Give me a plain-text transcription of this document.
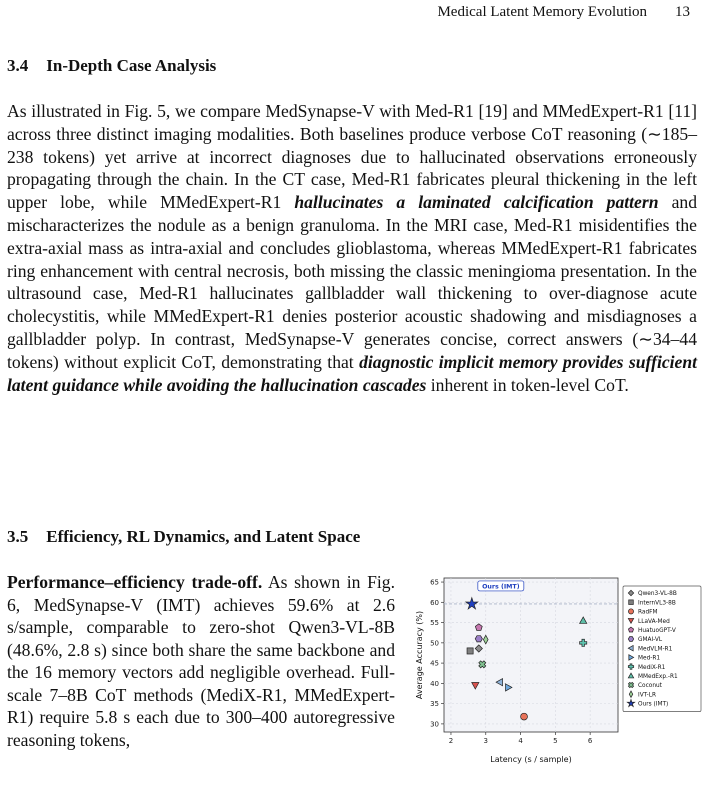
Medical Latent Memory Evolution 13
3.4 In-Depth Case Analysis
As illustrated in Fig. 5, we compare MedSynapse-V with Med-R1 [19] and MMedExpert-R1 [11] across three distinct imaging modalities. Both baselines produce verbose CoT reasoning (∼185–238 tokens) yet arrive at incorrect diagnoses due to hallucinated observations erroneously propagating through the chain. In the CT case, Med-R1 fabricates pleural thickening in the left upper lobe, while MMedExpert-R1 hallucinates a laminated calcification pattern and mischaracterizes the nodule as a benign granuloma. In the MRI case, Med-R1 misidentifies the extra-axial mass as intra-axial and concludes glioblastoma, whereas MMedExpert-R1 fabricates ring enhancement with central necrosis, both missing the classic meningioma presentation. In the ultrasound case, Med-R1 hallucinates gallbladder wall thickening to over-diagnose acute cholecystitis, while MMedExpert-R1 denies posterior acoustic shadowing and misdiagnoses a gallbladder polyp. In contrast, MedSynapse-V generates concise, correct answers (∼34–44 tokens) without explicit CoT, demonstrating that diagnostic implicit memory provides sufficient latent guidance while avoiding the hallucination cascades inherent in token-level CoT.
3.5 Efficiency, RL Dynamics, and Latent Space
Performance–efficiency trade-off. As shown in Fig. 6, MedSynapse-V (IMT) achieves 59.6% at 2.6 s/sample, comparable to zero-shot Qwen3-VL-8B (48.6%, 2.8 s) since both share the same backbone and the 16 memory vectors add negligible overhead. Full-scale 7–8B CoT methods (MediX-R1, MMedExpert-R1) require 5.8 s each due to 300–400 autoregressive reasoning tokens,	2	3	4	5	6
30
35
40
45
50
55
60
65
Latency (s / sample)
Average Accuracy (%)
Ours (IMT)
Qwen3-VL-8B
InternVL3-8B
RadFM
LLaVA-Med
HuatuoGPT-V
GMAI-VL
MedVLM-R1
Med-R1
MediX-R1
MMedExp.-R1
Coconut
IVT-LR
Ours (IMT)
